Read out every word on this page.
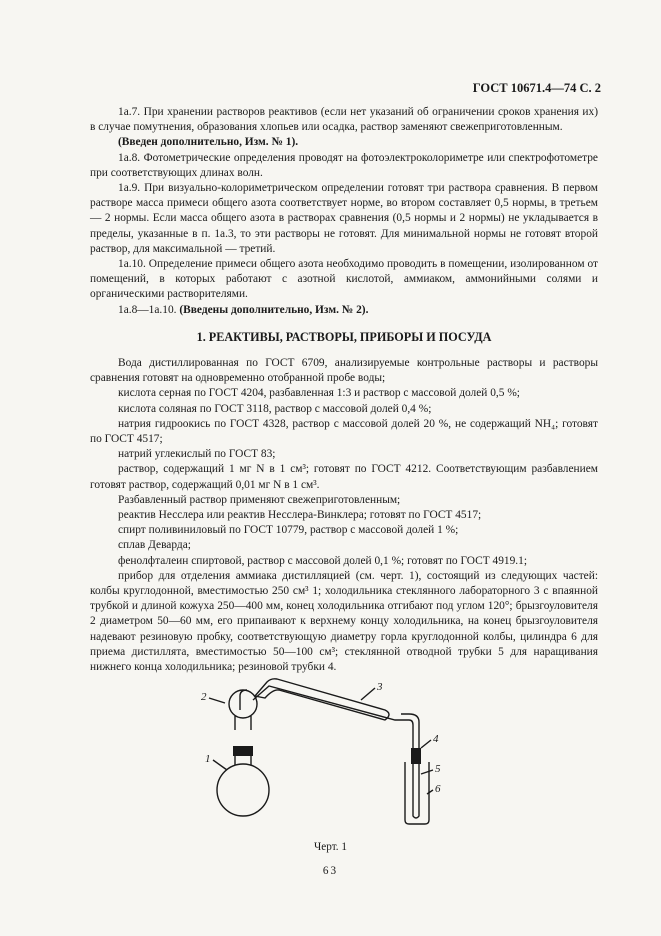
ГОСТ 10671.4—74 С. 2

1а.7. При хранении растворов реактивов (если нет указаний об ограничении сроков хранения их) в случае помутнения, образования хлопьев или осадка, раствор заменяют свежеприготовленным.

(Введен дополнительно, Изм. № 1).

1а.8. Фотометрические определения проводят на фотоэлектроколориметре или спектрофотометре при соответствующих длинах волн.

1а.9. При визуально-колориметрическом определении готовят три раствора сравнения. В первом растворе масса примеси общего азота соответствует норме, во втором составляет 0,5 нормы, в третьем — 2 нормы. Если масса общего азота в растворах сравнения (0,5 нормы и 2 нормы) не укладывается в пределы, указанные в п. 1а.3, то эти растворы не готовят. Для минимальной нормы не готовят второй раствор, для максимальной — третий.

1а.10. Определение примеси общего азота необходимо проводить в помещении, изолированном от помещений, в которых работают с азотной кислотой, аммиаком, аммонийными солями и органическими растворителями.

1а.8—1а.10. (Введены дополнительно, Изм. № 2).

1. РЕАКТИВЫ, РАСТВОРЫ, ПРИБОРЫ И ПОСУДА

Вода дистиллированная по ГОСТ 6709, анализируемые контрольные растворы и растворы сравнения готовят на одновременно отобранной пробе воды;

кислота серная по ГОСТ 4204, разбавленная 1:3 и раствор с массовой долей 0,5 %;

кислота соляная по ГОСТ 3118, раствор с массовой долей 0,4 %;

натрия гидроокись по ГОСТ 4328, раствор с массовой долей 20 %, не содержащий NH₄; готовят по ГОСТ 4517;

натрий углекислый по ГОСТ 83;

раствор, содержащий 1 мг N в 1 см³; готовят по ГОСТ 4212. Соответствующим разбавлением готовят раствор, содержащий 0,01 мг N в 1 см³.

Разбавленный раствор применяют свежеприготовленным;

реактив Несслера или реактив Несслера-Винклера; готовят по ГОСТ 4517;

спирт поливиниловый по ГОСТ 10779, раствор с массовой долей 1 %;

сплав Деварда;

фенолфталеин спиртовой, раствор с массовой долей 0,1 %; готовят по ГОСТ 4919.1;

прибор для отделения аммиака дистилляцией (см. черт. 1), состоящий из следующих частей: колбы круглодонной, вместимостью 250 см³ 1; холодильника стеклянного лабораторного 3 с впаянной трубкой и длиной кожуха 250—400 мм, конец холодильника отгибают под углом 120°; брызгоуловителя 2 диаметром 50—60 мм, его припаивают к верхнему концу холодильника, на конец брызгоуловителя надевают резиновую пробку, соответствующую диаметру горла круглодонной колбы, цилиндра 6 для приема дистиллята, вместимостью 50—100 см³; стеклянной отводной трубки 5 для наращивания нижнего конца холодильника; резиновой трубки 4.

2
1
3
4
5
6
Черт. 1
63
